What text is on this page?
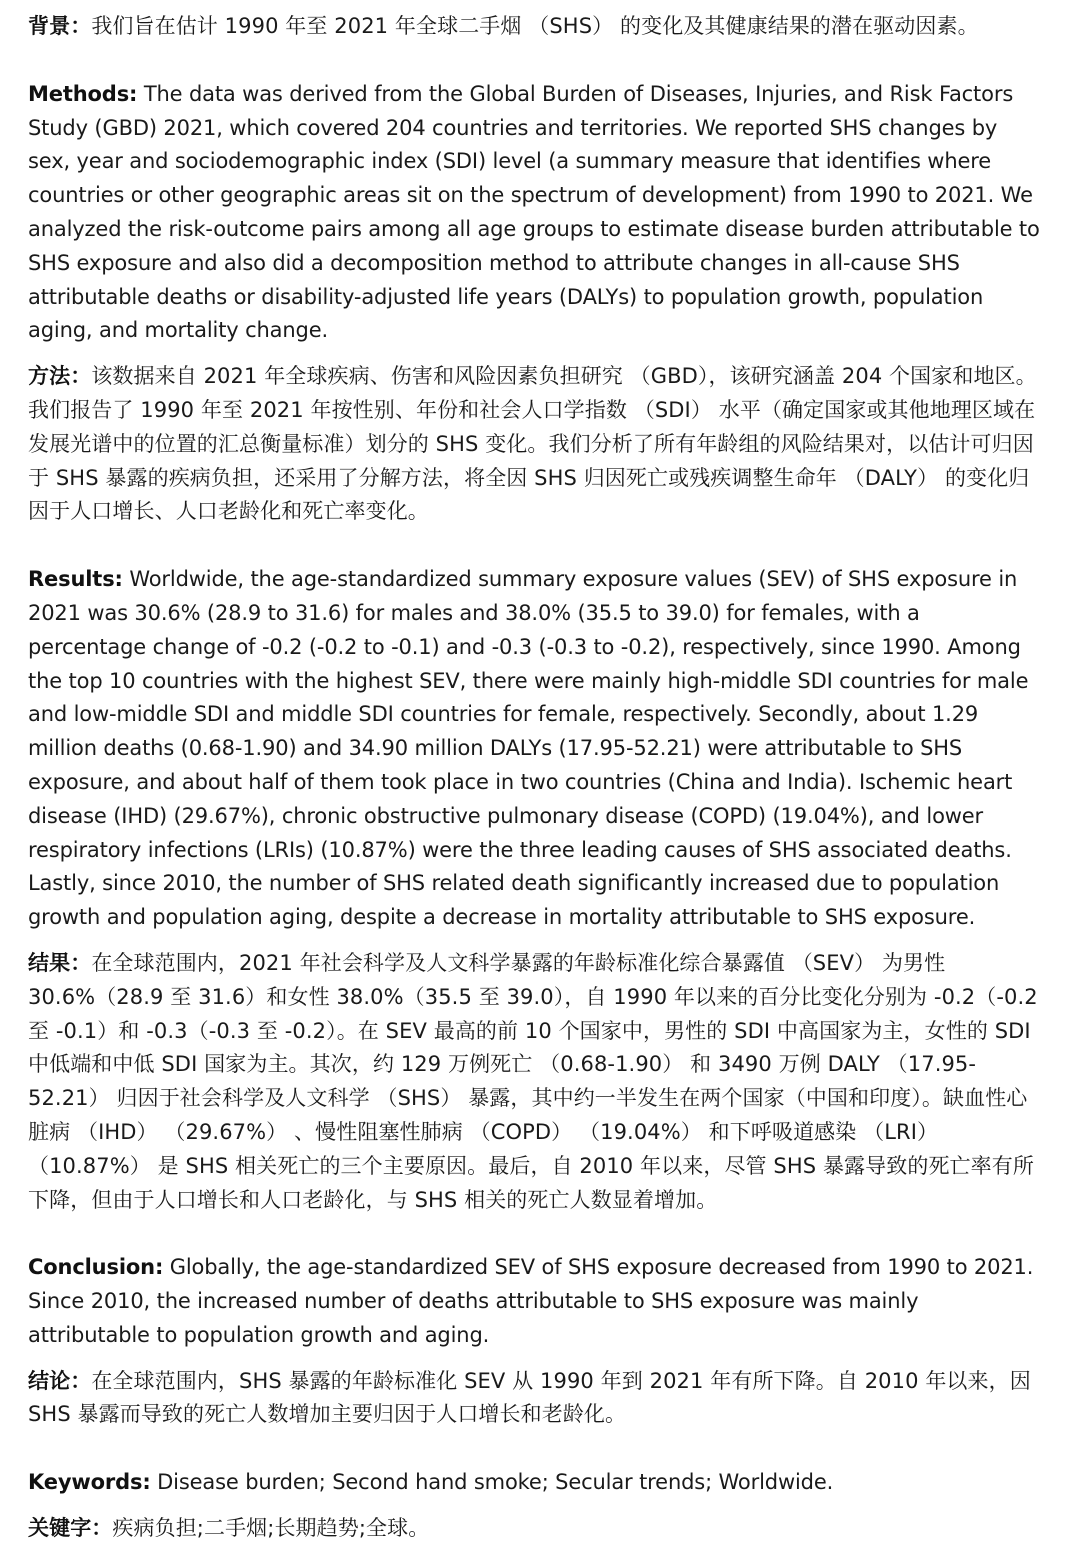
背景：我们旨在估计 1990 年至 2021 年全球二手烟 （SHS） 的变化及其健康结果的潜在驱动因素。

Methods: The data was derived from the Global Burden of Diseases, Injuries, and Risk Factors Study (GBD) 2021, which covered 204 countries and territories. We reported SHS changes by sex, year and sociodemographic index (SDI) level (a summary measure that identifies where countries or other geographic areas sit on the spectrum of development) from 1990 to 2021. We analyzed the risk-outcome pairs among all age groups to estimate disease burden attributable to SHS exposure and also did a decomposition method to attribute changes in all-cause SHS attributable deaths or disability-adjusted life years (DALYs) to population growth, population aging, and mortality change.

方法：该数据来自 2021 年全球疾病、伤害和风险因素负担研究 （GBD），该研究涵盖 204 个国家和地区。我们报告了 1990 年至 2021 年按性别、年份和社会人口学指数 （SDI） 水平（确定国家或其他地理区域在发展光谱中的位置的汇总衡量标准）划分的 SHS 变化。我们分析了所有年龄组的风险结果对，以估计可归因于 SHS 暴露的疾病负担，还采用了分解方法，将全因 SHS 归因死亡或残疾调整生命年 （DALY） 的变化归因于人口增长、人口老龄化和死亡率变化。

Results: Worldwide, the age-standardized summary exposure values (SEV) of SHS exposure in 2021 was 30.6% (28.9 to 31.6) for males and 38.0% (35.5 to 39.0) for females, with a percentage change of -0.2 (-0.2 to -0.1) and -0.3 (-0.3 to -0.2), respectively, since 1990. Among the top 10 countries with the highest SEV, there were mainly high-middle SDI countries for male and low-middle SDI and middle SDI countries for female, respectively. Secondly, about 1.29 million deaths (0.68-1.90) and 34.90 million DALYs (17.95-52.21) were attributable to SHS exposure, and about half of them took place in two countries (China and India). Ischemic heart disease (IHD) (29.67%), chronic obstructive pulmonary disease (COPD) (19.04%), and lower respiratory infections (LRIs) (10.87%) were the three leading causes of SHS associated deaths. Lastly, since 2010, the number of SHS related death significantly increased due to population growth and population aging, despite a decrease in mortality attributable to SHS exposure.

结果：在全球范围内，2021 年社会科学及人文科学暴露的年龄标准化综合暴露值 （SEV） 为男性 30.6%（28.9 至 31.6）和女性 38.0%（35.5 至 39.0），自 1990 年以来的百分比变化分别为 -0.2（-0.2 至 -0.1）和 -0.3（-0.3 至 -0.2）。在 SEV 最高的前 10 个国家中，男性的 SDI 中高国家为主，女性的 SDI 中低端和中低 SDI 国家为主。其次，约 129 万例死亡 （0.68-1.90） 和 3490 万例 DALY （17.95-52.21） 归因于社会科学及人文科学 （SHS） 暴露，其中约一半发生在两个国家（中国和印度）。缺血性心脏病 （IHD） （29.67%） 、慢性阻塞性肺病 （COPD） （19.04%） 和下呼吸道感染 （LRI） （10.87%） 是 SHS 相关死亡的三个主要原因。最后，自 2010 年以来，尽管 SHS 暴露导致的死亡率有所下降，但由于人口增长和人口老龄化，与 SHS 相关的死亡人数显着增加。

Conclusion: Globally, the age-standardized SEV of SHS exposure decreased from 1990 to 2021. Since 2010, the increased number of deaths attributable to SHS exposure was mainly attributable to population growth and aging.

结论：在全球范围内，SHS 暴露的年龄标准化 SEV 从 1990 年到 2021 年有所下降。自 2010 年以来，因 SHS 暴露而导致的死亡人数增加主要归因于人口增长和老龄化。

Keywords: Disease burden; Second hand smoke; Secular trends; Worldwide.

关键字：疾病负担;二手烟;长期趋势;全球。
